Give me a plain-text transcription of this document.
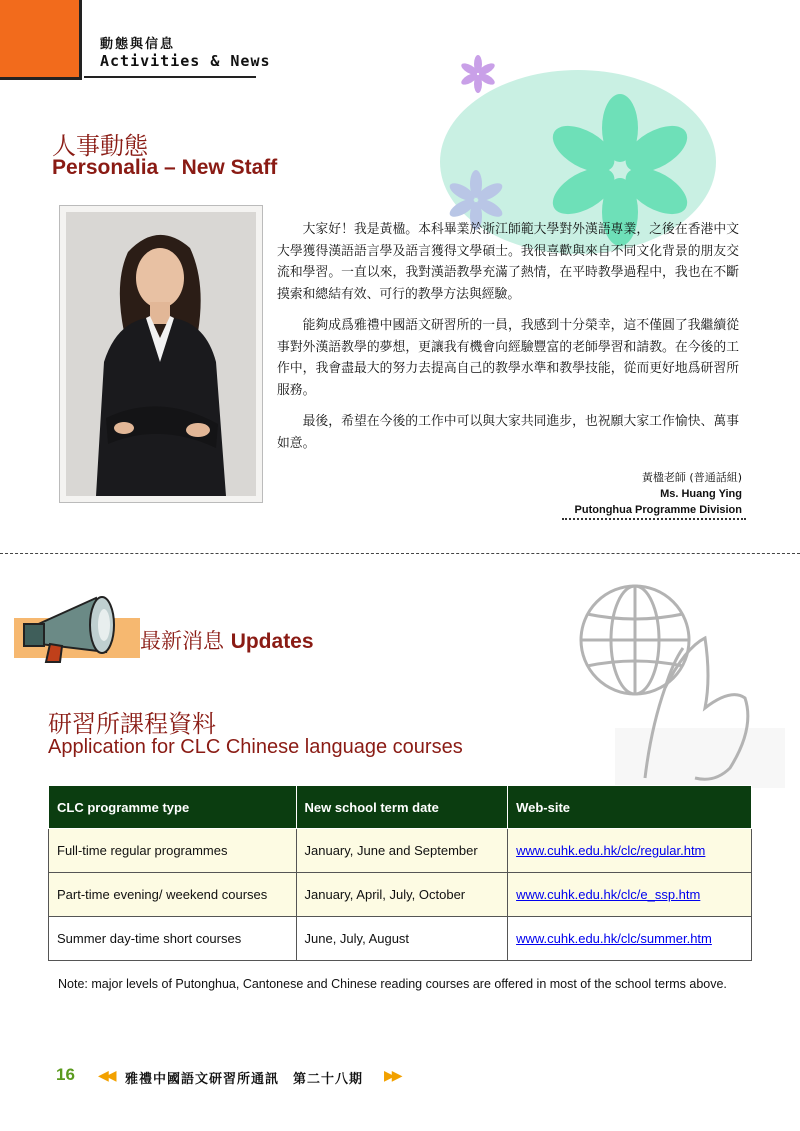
動態與信息
Activities & News
人事動態
Personalia – New Staff

大家好！我是黃楹。本科畢業於浙江師範大學對外漢語專業，之後在香港中文大學獲得漢語語言學及語言獲得文學碩士。我很喜歡與來自不同文化背景的朋友交流和學習。一直以來，我對漢語教學充滿了熱情，在平時教學過程中，我也在不斷摸索和總結有效、可行的教學方法與經驗。

能夠成爲雅禮中國語文研習所的一員，我感到十分榮幸，這不僅圓了我繼續從事對外漢語教學的夢想，更讓我有機會向經驗豐富的老師學習和請教。在今後的工作中，我會盡最大的努力去提高自己的教學水準和教學技能，從而更好地爲研習所服務。

最後，希望在今後的工作中可以與大家共同進步，也祝願大家工作愉快、萬事如意。

黃楹老師 (普通話組)
Ms. Huang Ying
Putonghua Programme Division
最新消息 Updates
研習所課程資料
Application for CLC Chinese language courses
CLC programme type	New school term date	Web-site
Full-time regular programmes	January, June and September	www.cuhk.edu.hk/clc/regular.htm
Part-time evening/ weekend courses	January, April, July, October	www.cuhk.edu.hk/clc/e_ssp.htm
Summer day-time short courses	June, July, August	www.cuhk.edu.hk/clc/summer.htm
Note: major levels of Putonghua, Cantonese and Chinese reading courses are offered in most of the school terms above.
16 ◀◀ 雅禮中國語文研習所通訊　第二十八期 ▶▶
